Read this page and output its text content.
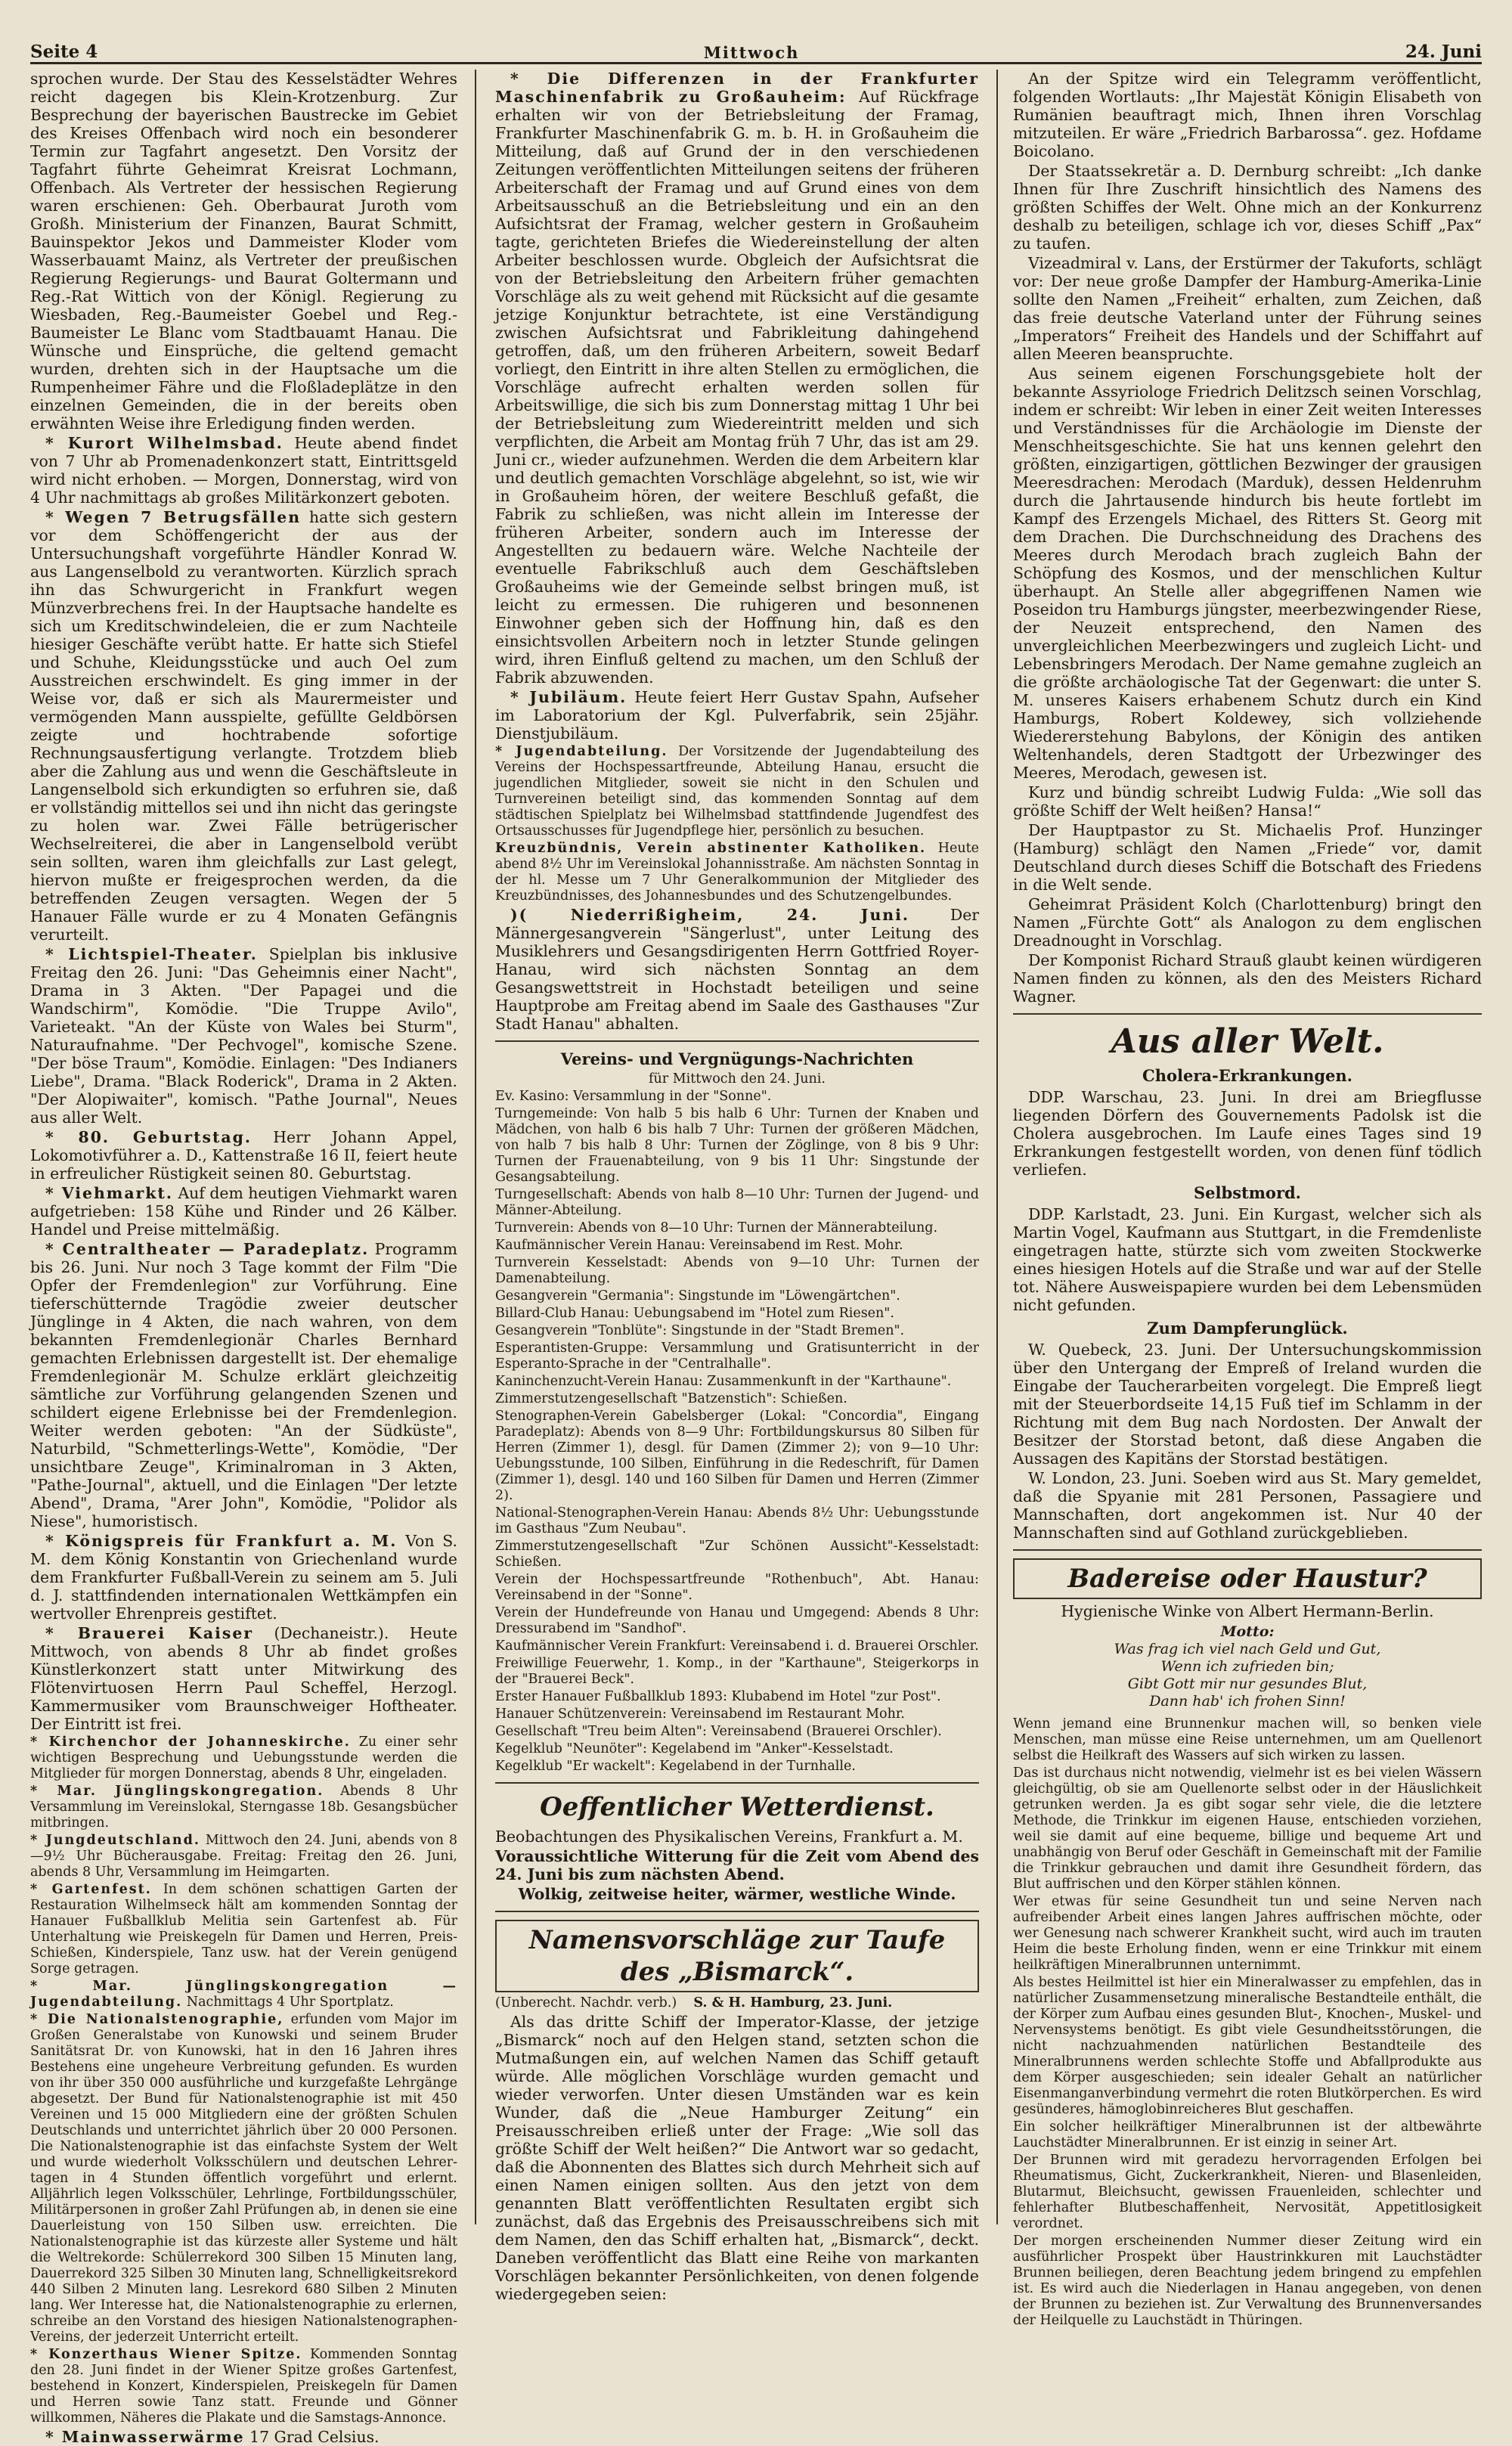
Seite 4	Mittwoch	24. Juni

sprochen wurde. Der Stau des Kesselstädter Wehres reicht dagegen bis Klein-Krotzenburg. Zur Besprechung der bayerischen Baustrecke im Gebiet des Kreises Offenbach wird noch ein besonderer Termin zur Tagfahrt angesetzt. Den Vorsitz der Tagfahrt führte Geheimrat Kreisrat Lochmann, Offenbach. Als Vertreter der hessischen Regierung waren erschienen: Geh. Oberbaurat Juroth vom Großh. Ministerium der Finanzen, Baurat Schmitt, Bauinspektor Jekos und Dammeister Kloder vom Wasserbauamt Mainz, als Vertreter der preußischen Regierung Regierungs- und Baurat Goltermann und Reg.-Rat Wittich von der Königl. Regierung zu Wiesbaden, Reg.-Baumeister Goebel und Reg.-Baumeister Le Blanc vom Stadtbauamt Hanau. Die Wünsche und Einsprüche, die geltend gemacht wurden, drehten sich in der Hauptsache um die Rumpenheimer Fähre und die Floßladeplätze in den einzelnen Gemeinden, die in der bereits oben erwähnten Weise ihre Erledigung finden werden.

* Kurort Wilhelmsbad. Heute abend findet von 7 Uhr ab Promenadenkonzert statt, Eintrittsgeld wird nicht erhoben. — Morgen, Donnerstag, wird von 4 Uhr nachmittags ab großes Militärkonzert geboten.

* Wegen 7 Betrugsfällen hatte sich gestern vor dem Schöffengericht der aus der Untersuchungshaft vorgeführte Händler Konrad W. aus Langenselbold zu verantworten. Kürzlich sprach ihn das Schwurgericht in Frankfurt wegen Münzverbrechens frei. In der Hauptsache handelte es sich um Kreditschwindeleien, die er zum Nachteile hiesiger Geschäfte verübt hatte. Er hatte sich Stiefel und Schuhe, Kleidungsstücke und auch Oel zum Ausstreichen erschwindelt. Es ging immer in der Weise vor, daß er sich als Maurermeister und vermögenden Mann ausspielte, gefüllte Geldbörsen zeigte und hochtrabende sofortige Rechnungsausfertigung verlangte. Trotzdem blieb aber die Zahlung aus und wenn die Geschäftsleute in Langenselbold sich erkundigten so erfuhren sie, daß er vollständig mittellos sei und ihn nicht das geringste zu holen war. Zwei Fälle betrügerischer Wechselreiterei, die aber in Langenselbold verübt sein sollten, waren ihm gleichfalls zur Last gelegt, hiervon mußte er freigesprochen werden, da die betreffenden Zeugen versagten. Wegen der 5 Hanauer Fälle wurde er zu 4 Monaten Gefängnis verurteilt.

* Lichtspiel-Theater. Spielplan bis inklusive Freitag den 26. Juni: "Das Geheimnis einer Nacht", Drama in 3 Akten. "Der Papagei und die Wandschirm", Komödie. "Die Truppe Avilo", Varieteakt. "An der Küste von Wales bei Sturm", Naturaufnahme. "Der Pechvogel", komische Szene. "Der böse Traum", Komödie. Einlagen: "Des Indianers Liebe", Drama. "Black Roderick", Drama in 2 Akten. "Der Alopiwaiter", komisch. "Pathe Journal", Neues aus aller Welt.

* 80. Geburtstag. Herr Johann Appel, Lokomotivführer a. D., Kattenstraße 16 II, feiert heute in erfreulicher Rüstigkeit seinen 80. Geburtstag.

* Viehmarkt. Auf dem heutigen Viehmarkt waren aufgetrieben: 158 Kühe und Rinder und 26 Kälber. Handel und Preise mittelmäßig.

* Centraltheater — Paradeplatz. Programm bis 26. Juni. Nur noch 3 Tage kommt der Film "Die Opfer der Fremdenlegion" zur Vorführung. Eine tieferschütternde Tragödie zweier deutscher Jünglinge in 4 Akten, die nach wahren, von dem bekannten Fremdenlegionär Charles Bernhard gemachten Erlebnissen dargestellt ist. Der ehemalige Fremdenlegionär M. Schulze erklärt gleichzeitig sämtliche zur Vorführung gelangenden Szenen und schildert eigene Erlebnisse bei der Fremdenlegion. Weiter werden geboten: "An der Südküste", Naturbild, "Schmetterlings-Wette", Komödie, "Der unsichtbare Zeuge", Kriminalroman in 3 Akten, "Pathe-Journal", aktuell, und die Einlagen "Der letzte Abend", Drama, "Arer John", Komödie, "Polidor als Niese", humoristisch.

* Königspreis für Frankfurt a. M. Von S. M. dem König Konstantin von Griechenland wurde dem Frankfurter Fußball-Verein zu seinem am 5. Juli d. J. stattfindenden internationalen Wettkämpfen ein wertvoller Ehrenpreis gestiftet.

* Brauerei Kaiser (Dechaneistr.). Heute Mittwoch, von abends 8 Uhr ab findet großes Künstlerkonzert statt unter Mitwirkung des Flötenvirtuosen Herrn Paul Scheffel, Herzogl. Kammermusiker vom Braunschweiger Hoftheater. Der Eintritt ist frei.

* Kirchenchor der Johanneskirche. Zu einer sehr wichtigen Besprechung und Uebungsstunde werden die Mitglieder für morgen Donnerstag, abends 8 Uhr, eingeladen.

* Mar. Jünglingskongregation. Abends 8 Uhr Versammlung im Vereinslokal, Sterngasse 18b. Gesangsbücher mitbringen.

* Jungdeutschland. Mittwoch den 24. Juni, abends von 8—9½ Uhr Bücherausgabe. Freitag: Freitag den 26. Juni, abends 8 Uhr, Versammlung im Heimgarten.

* Gartenfest. In dem schönen schattigen Garten der Restauration Wilhelmseck hält am kommenden Sonntag der Hanauer Fußballklub Melitia sein Gartenfest ab. Für Unterhaltung wie Preiskegeln für Damen und Herren, Preis-Schießen, Kinderspiele, Tanz usw. hat der Verein genügend Sorge getragen.

* Mar. Jünglingskongregation — Jugendabteilung. Nachmittags 4 Uhr Sportplatz.

* Die Nationalstenographie, erfunden vom Major im Großen Generalstabe von Kunowski und seinem Bruder Sanitätsrat Dr. von Kunowski, hat in den 16 Jahren ihres Bestehens eine ungeheure Verbreitung gefunden. Es wurden von ihr über 350 000 ausführliche und kurzgefaßte Lehrgänge abgesetzt. Der Bund für Nationalstenographie ist mit 450 Vereinen und 15 000 Mitgliedern eine der größten Schulen Deutschlands und unterrichtet jährlich über 20 000 Personen. Die Nationalstenographie ist das einfachste System der Welt und wurde wiederholt Volksschülern und deutschen Lehrer-tagen in 4 Stunden öffentlich vorgeführt und erlernt. Alljährlich legen Volksschüler, Lehrlinge, Fortbildungsschüler, Militärpersonen in großer Zahl Prüfungen ab, in denen sie eine Dauerleistung von 150 Silben usw. erreichten. Die Nationalstenographie ist das kürzeste aller Systeme und hält die Weltrekorde: Schülerrekord 300 Silben 15 Minuten lang, Dauerrekord 325 Silben 30 Minuten lang, Schnelligkeitsrekord 440 Silben 2 Minuten lang. Lesrekord 680 Silben 2 Minuten lang. Wer Interesse hat, die Nationalstenographie zu erlernen, schreibe an den Vorstand des hiesigen Nationalstenographen-Vereins, der jederzeit Unterricht erteilt.

* Konzerthaus Wiener Spitze. Kommenden Sonntag den 28. Juni findet in der Wiener Spitze großes Gartenfest, bestehend in Konzert, Kinderspielen, Preiskegeln für Damen und Herren sowie Tanz statt. Freunde und Gönner willkommen, Näheres die Plakate und die Samstags-Annonce.

* Mainwasserwärme 17 Grad Celsius.

* Die Differenzen in der Frankfurter Maschinenfabrik zu Großauheim: Auf Rückfrage erhalten wir von der Betriebsleitung der Framag, Frankfurter Maschinenfabrik G. m. b. H. in Großauheim die Mitteilung, daß auf Grund der in den verschiedenen Zeitungen veröffentlichten Mitteilungen seitens der früheren Arbeiterschaft der Framag und auf Grund eines von dem Arbeitsausschuß an die Betriebsleitung und ein an den Aufsichtsrat der Framag, welcher gestern in Großauheim tagte, gerichteten Briefes die Wiedereinstellung der alten Arbeiter beschlossen wurde. Obgleich der Aufsichtsrat die von der Betriebsleitung den Arbeitern früher gemachten Vorschläge als zu weit gehend mit Rücksicht auf die gesamte jetzige Konjunktur betrachtete, ist eine Verständigung zwischen Aufsichtsrat und Fabrikleitung dahingehend getroffen, daß, um den früheren Arbeitern, soweit Bedarf vorliegt, den Eintritt in ihre alten Stellen zu ermöglichen, die Vorschläge aufrecht erhalten werden sollen für Arbeitswillige, die sich bis zum Donnerstag mittag 1 Uhr bei der Betriebsleitung zum Wiedereintritt melden und sich verpflichten, die Arbeit am Montag früh 7 Uhr, das ist am 29. Juni cr., wieder aufzunehmen. Werden die dem Arbeitern klar und deutlich gemachten Vorschläge abgelehnt, so ist, wie wir in Großauheim hören, der weitere Beschluß gefaßt, die Fabrik zu schließen, was nicht allein im Interesse der früheren Arbeiter, sondern auch im Interesse der Angestellten zu bedauern wäre. Welche Nachteile der eventuelle Fabrikschluß auch dem Geschäftsleben Großauheims wie der Gemeinde selbst bringen muß, ist leicht zu ermessen. Die ruhigeren und besonnenen Einwohner geben sich der Hoffnung hin, daß es den einsichtsvollen Arbeitern noch in letzter Stunde gelingen wird, ihren Einfluß geltend zu machen, um den Schluß der Fabrik abzuwenden.

* Jubiläum. Heute feiert Herr Gustav Spahn, Aufseher im Laboratorium der Kgl. Pulverfabrik, sein 25jähr. Dienstjubiläum.

* Jugendabteilung. Der Vorsitzende der Jugendabteilung des Vereins der Hochspessartfreunde, Abteilung Hanau, ersucht die jugendlichen Mitglieder, soweit sie nicht in den Schulen und Turnvereinen beteiligt sind, das kommenden Sonntag auf dem städtischen Spielplatz bei Wilhelmsbad stattfindende Jugendfest des Ortsausschusses für Jugendpflege hier, persönlich zu besuchen.

Kreuzbündnis, Verein abstinenter Katholiken. Heute abend 8½ Uhr im Vereinslokal Johannisstraße. Am nächsten Sonntag in der hl. Messe um 7 Uhr Generalkommunion der Mitglieder des Kreuzbündnisses, des Johannesbundes und des Schutzengelbundes.

)( Niederrißigheim, 24. Juni.	Der Männergesangverein "Sängerlust", unter Leitung des Musiklehrers und Gesangsdirigenten Herrn Gottfried Royer-Hanau, wird sich nächsten Sonntag an dem Gesangswettstreit in Hochstadt beteiligen und seine Hauptprobe am Freitag abend im Saale des Gasthauses "Zur Stadt Hanau" abhalten.

Vereins- und Vergnügungs-Nachrichten

für Mittwoch den 24. Juni.

Ev. Kasino: Versammlung in der "Sonne".

Turngemeinde: Von halb 5 bis halb 6 Uhr: Turnen der Knaben und Mädchen, von halb 6 bis halb 7 Uhr: Turnen der größeren Mädchen, von halb 7 bis halb 8 Uhr: Turnen der Zöglinge, von 8 bis 9 Uhr: Turnen der Frauenabteilung, von 9 bis 11 Uhr: Singstunde der Gesangsabteilung.

Turngesellschaft: Abends von halb 8—10 Uhr: Turnen der Jugend- und Männer-Abteilung.

Turnverein: Abends von 8—10 Uhr: Turnen der Männerabteilung.

Kaufmännischer Verein Hanau: Vereinsabend im Rest. Mohr.

Turnverein Kesselstadt: Abends von 9—10 Uhr: Turnen der Damenabteilung.

Gesangverein "Germania": Singstunde im "Löwengärtchen".

Billard-Club Hanau: Uebungsabend im "Hotel zum Riesen".

Gesangverein "Tonblüte": Singstunde in der "Stadt Bremen".

Esperantisten-Gruppe: Versammlung und Gratisunterricht in der Esperanto-Sprache in der "Centralhalle".

Kaninchenzucht-Verein Hanau: Zusammenkunft in der "Karthaune".

Zimmerstutzengesellschaft "Batzenstich": Schießen.

Stenographen-Verein Gabelsberger (Lokal: "Concordia", Eingang Paradeplatz): Abends von 8—9 Uhr: Fortbildungskursus 80 Silben für Herren (Zimmer 1), desgl. für Damen (Zimmer 2); von 9—10 Uhr: Uebungsstunde, 100 Silben, Einführung in die Redeschrift, für Damen (Zimmer 1), desgl. 140 und 160 Silben für Damen und Herren (Zimmer 2).

National-Stenographen-Verein Hanau: Abends 8½ Uhr: Uebungsstunde im Gasthaus "Zum Neubau".

Zimmerstutzengesellschaft "Zur Schönen Aussicht"-Kesselstadt: Schießen.

Verein der Hochspessartfreunde "Rothenbuch", Abt. Hanau: Vereinsabend in der "Sonne".

Verein der Hundefreunde von Hanau und Umgegend: Abends 8 Uhr: Dressurabend im "Sandhof".

Kaufmännischer Verein Frankfurt: Vereinsabend i. d. Brauerei Orschler.

Freiwillige Feuerwehr, 1. Komp., in der "Karthaune", Steigerkorps in der "Brauerei Beck".

Erster Hanauer Fußballklub 1893: Klubabend im Hotel "zur Post".

Hanauer Schützenverein: Vereinsabend im Restaurant Mohr.

Gesellschaft "Treu beim Alten": Vereinsabend (Brauerei Orschler).

Kegelklub "Neunöter": Kegelabend im "Anker"-Kesselstadt.

Kegelklub "Er wackelt": Kegelabend in der Turnhalle.

Oeffentlicher Wetterdienst.

Beobachtungen des Physikalischen Vereins, Frankfurt a. M.

Voraussichtliche Witterung für die Zeit vom Abend des 24. Juni bis zum nächsten Abend.

Wolkig, zeitweise heiter, wärmer, westliche Winde.

Namensvorschläge zur Taufe des „Bismarck“.

(Unberecht. Nachdr. verb.) S. & H. Hamburg, 23. Juni.

Als das dritte Schiff der Imperator-Klasse, der jetzige „Bismarck“ noch auf den Helgen stand, setzten schon die Mutmaßungen ein, auf welchen Namen das Schiff getauft würde. Alle möglichen Vorschläge wurden gemacht und wieder verworfen. Unter diesen Umständen war es kein Wunder, daß die „Neue Hamburger Zeitung“ ein Preisausschreiben erließ unter der Frage: „Wie soll das größte Schiff der Welt heißen?“ Die Antwort war so gedacht, daß die Abonnenten des Blattes sich durch Mehrheit sich auf einen Namen einigen sollten. Aus den jetzt von dem genannten Blatt veröffentlichten Resultaten ergibt sich zunächst, daß das Ergebnis des Preisausschreibens sich mit dem Namen, den das Schiff erhalten hat, „Bismarck“, deckt. Daneben veröffentlicht das Blatt eine Reihe von markanten Vorschlägen bekannter Persönlichkeiten, von denen folgende wiedergegeben seien:

An der Spitze wird ein Telegramm veröffentlicht, folgenden Wortlauts: „Ihr Majestät Königin Elisabeth von Rumänien beauftragt mich, Ihnen ihren Vorschlag mitzuteilen. Er wäre „Friedrich Barbarossa“. gez. Hofdame Boicolano.

Der Staatssekretär a. D. Dernburg schreibt: „Ich danke Ihnen für Ihre Zuschrift hinsichtlich des Namens des größten Schiffes der Welt. Ohne mich an der Konkurrenz deshalb zu beteiligen, schlage ich vor, dieses Schiff „Pax“ zu taufen.

Vizeadmiral v. Lans, der Erstürmer der Takuforts, schlägt vor: Der neue große Dampfer der Hamburg-Amerika-Linie sollte den Namen „Freiheit“ erhalten, zum Zeichen, daß das freie deutsche Vaterland unter der Führung seines „Imperators“ Freiheit des Handels und der Schiffahrt auf allen Meeren beanspruchte.

Aus seinem eigenen Forschungsgebiete holt der bekannte Assyriologe Friedrich Delitzsch seinen Vorschlag, indem er schreibt: Wir leben in einer Zeit weiten Interesses und Verständnisses für die Archäologie im Dienste der Menschheitsgeschichte. Sie hat uns kennen gelehrt den größten, einzigartigen, göttlichen Bezwinger der grausigen Meeresdrachen: Merodach (Marduk), dessen Heldenruhm durch die Jahrtausende hindurch bis heute fortlebt im Kampf des Erzengels Michael, des Ritters St. Georg mit dem Drachen. Die Durchschneidung des Drachens des Meeres durch Merodach brach zugleich Bahn der Schöpfung des Kosmos, und der menschlichen Kultur überhaupt. An Stelle aller abgegriffenen Namen wie Poseidon tru Hamburgs jüngster, meerbezwingender Riese, der Neuzeit entsprechend, den Namen des unvergleichlichen Meerbezwingers und zugleich Licht- und Lebensbringers Merodach. Der Name gemahne zugleich an die größte archäologische Tat der Gegenwart: die unter S. M. unseres Kaisers erhabenem Schutz durch ein Kind Hamburgs, Robert Koldewey, sich vollziehende Wiedererstehung Babylons, der Königin des antiken Weltenhandels, deren Stadtgott der Urbezwinger des Meeres, Merodach, gewesen ist.

Kurz und bündig schreibt Ludwig Fulda: „Wie soll das größte Schiff der Welt heißen? Hansa!“

Der Hauptpastor zu St. Michaelis Prof. Hunzinger (Hamburg) schlägt den Namen „Friede“ vor, damit Deutschland durch dieses Schiff die Botschaft des Friedens in die Welt sende.

Geheimrat Präsident Kolch (Charlottenburg) bringt den Namen „Fürchte Gott“ als Analogon zu dem englischen Dreadnought in Vorschlag.

Der Komponist Richard Strauß glaubt keinen würdigeren Namen finden zu können, als den des Meisters Richard Wagner.

Aus aller Welt.
Cholera-Erkrankungen.

DDP. Warschau, 23. Juni. In drei am Briegflusse liegenden Dörfern des Gouvernements Padolsk ist die Cholera ausgebrochen. Im Laufe eines Tages sind 19 Erkrankungen festgestellt worden, von denen fünf tödlich verliefen.

Selbstmord.

DDP. Karlstadt, 23. Juni. Ein Kurgast, welcher sich als Martin Vogel, Kaufmann aus Stuttgart, in die Fremdenliste eingetragen hatte, stürzte sich vom zweiten Stockwerke eines hiesigen Hotels auf die Straße und war auf der Stelle tot. Nähere Ausweispapiere wurden bei dem Lebensmüden nicht gefunden.

Zum Dampferunglück.

W. Quebeck, 23. Juni. Der Untersuchungskommission über den Untergang der Empreß of Ireland wurden die Eingabe der Taucherarbeiten vorgelegt. Die Empreß liegt mit der Steuerbordseite 14,15 Fuß tief im Schlamm in der Richtung mit dem Bug nach Nordosten. Der Anwalt der Besitzer der Storstad betont, daß diese Angaben die Aussagen des Kapitäns der Storstad bestätigen.

W. London, 23. Juni. Soeben wird aus St. Mary gemeldet, daß die Spyanie mit 281 Personen, Passagiere und Mannschaften, dort angekommen ist. Nur 40 der Mannschaften sind auf Gothland zurückgeblieben.

Badereise oder Haustur?

Hygienische Winke von Albert Hermann-Berlin.

Motto:
Was frag ich viel nach Geld und Gut,
Wenn ich zufrieden bin;
Gibt Gott mir nur gesundes Blut,
Dann hab' ich frohen Sinn!

Wenn jemand eine Brunnenkur machen will, so benken viele Menschen, man müsse eine Reise unternehmen, um am Quellenort selbst die Heilkraft des Wassers auf sich wirken zu lassen.

Das ist durchaus nicht notwendig, vielmehr ist es bei vielen Wässern gleichgültig, ob sie am Quellenorte selbst oder in der Häuslichkeit getrunken werden. Ja es gibt sogar sehr viele, die die letztere Methode, die Trinkkur im eigenen Hause, entschieden vorziehen, weil sie damit auf eine bequeme, billige und bequeme Art und unabhängig von Beruf oder Geschäft in Gemeinschaft mit der Familie die Trinkkur gebrauchen und damit ihre Gesundheit fördern, das Blut auffrischen und den Körper stählen können.

Wer etwas für seine Gesundheit tun und seine Nerven nach aufreibender Arbeit eines langen Jahres auffrischen möchte, oder wer Genesung nach schwerer Krankheit sucht, wird auch im trauten Heim die beste Erholung finden, wenn er eine Trinkkur mit einem heilkräftigen Mineralbrunnen unternimmt.

Als bestes Heilmittel ist hier ein Mineralwasser zu empfehlen, das in natürlicher Zusammensetzung mineralische Bestandteile enthält, die der Körper zum Aufbau eines gesunden Blut-, Knochen-, Muskel- und Nervensystems benötigt. Es gibt viele Gesundheitsstörungen, die nicht nachzuahmenden natürlichen Bestandteile des Mineralbrunnens werden schlechte Stoffe und Abfallprodukte aus dem Körper ausgeschieden; sein idealer Gehalt an natürlicher Eisenmanganverbindung vermehrt die roten Blutkörperchen. Es wird gesünderes, hämoglobinreicheres Blut geschaffen.

Ein solcher heilkräftiger Mineralbrunnen ist der altbewährte Lauchstädter Mineralbrunnen. Er ist einzig in seiner Art.

Der Brunnen wird mit geradezu hervorragenden Erfolgen bei Rheumatismus, Gicht, Zuckerkrankheit, Nieren- und Blasenleiden, Blutarmut, Bleichsucht, gewissen Frauenleiden, schlechter und fehlerhafter Blutbeschaffenheit, Nervosität, Appetitlosigkeit verordnet.

Der morgen erscheinenden Nummer dieser Zeitung wird ein ausführlicher Prospekt über Haustrinkkuren mit Lauchstädter Brunnen beiliegen, deren Beachtung jedem bringend zu empfehlen ist. Es wird auch die Niederlagen in Hanau angegeben, von denen der Brunnen zu beziehen ist. Zur Verwaltung des Brunnenversandes der Heilquelle zu Lauchstädt in Thüringen.
